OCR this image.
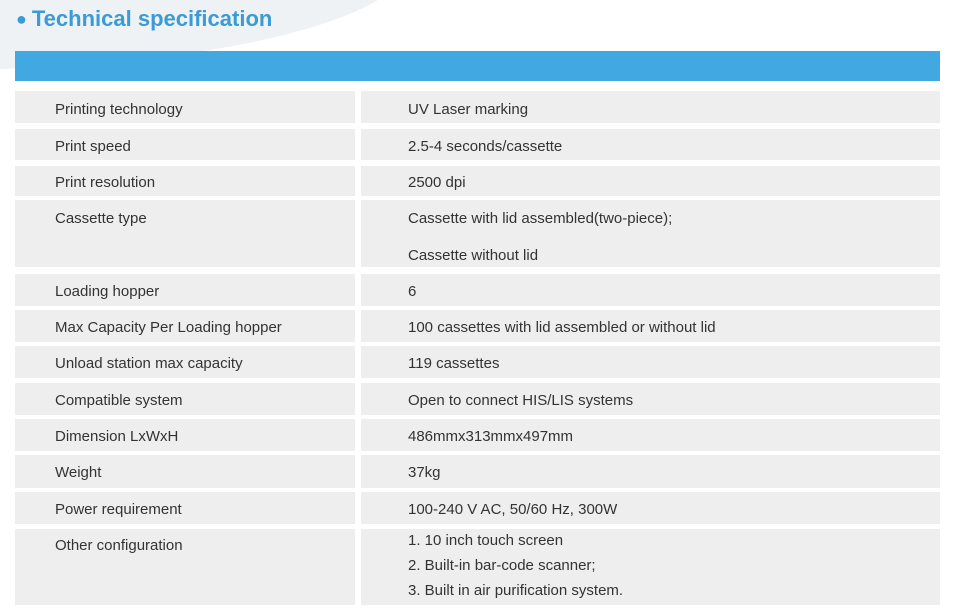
● Technical specification
Printing technology	UV Laser marking
Print speed	2.5-4 seconds/cassette
Print resolution	2500 dpi
Cassette type	Cassette with lid assembled(two-piece);
Cassette without lid
Loading hopper	6
Max Capacity Per Loading hopper	100 cassettes with lid assembled or without lid
Unload station max capacity	119 cassettes
Compatible system	Open to connect HIS/LIS systems
Dimension LxWxH	486mmx313mmx497mm
Weight	37kg
Power requirement	100-240 V AC, 50/60 Hz, 300W
Other configuration	1. 10 inch touch screen
2. Built-in bar-code scanner;
3. Built in air purification system.
